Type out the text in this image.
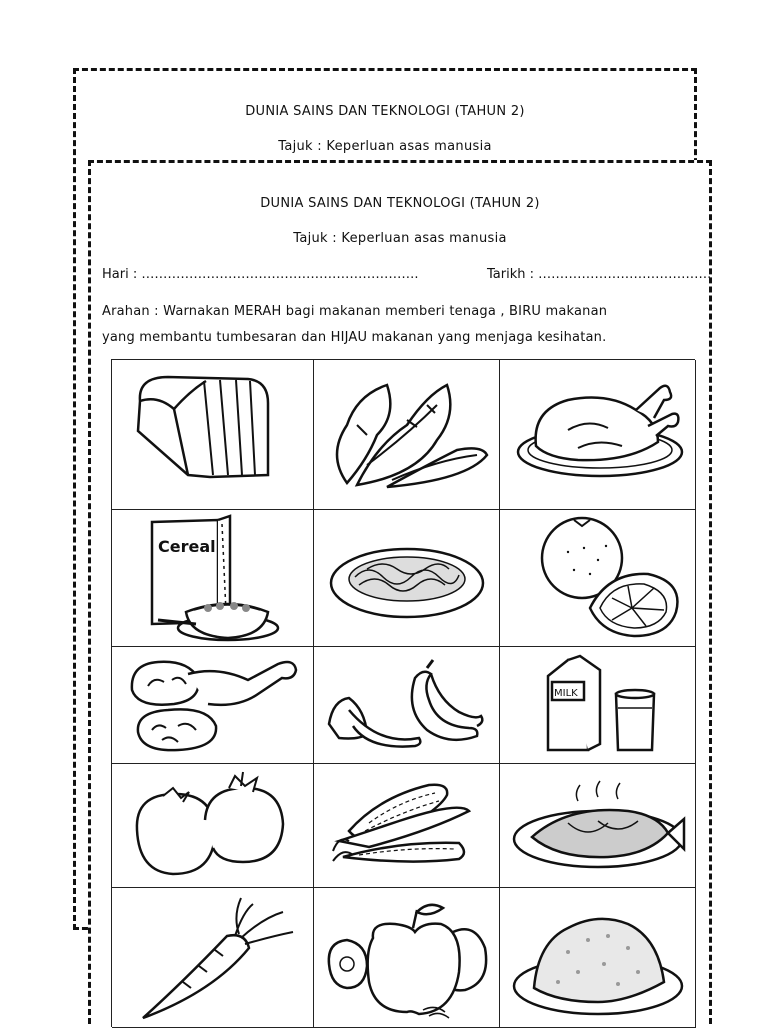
DUNIA SAINS DAN TEKNOLOGI (TAHUN 2)
Tajuk : Keperluan asas manusia
DUNIA SAINS DAN TEKNOLOGI (TAHUN 2)
Tajuk : Keperluan asas manusia
Hari : ……………………………………………………….	Tarikh : ………………………………….
Arahan : Warnakan MERAH bagi makanan memberi tenaga , BIRU makanan
yang membantu tumbesaran dan HIJAU makanan yang menjaga kesihatan.
Cereal
MILK
